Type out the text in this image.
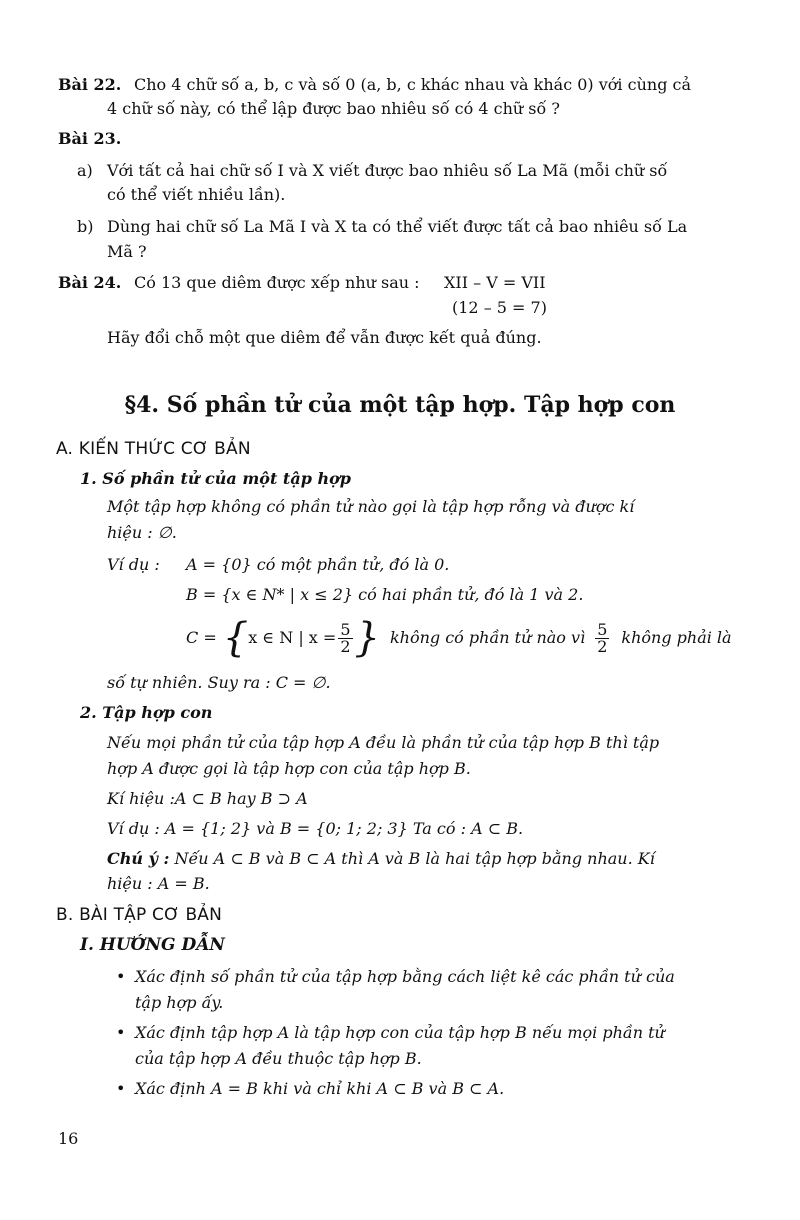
Bài 22. Cho 4 chữ số a, b, c và số 0 (a, b, c khác nhau và khác 0) với cùng cả
4 chữ số này, có thể lập được bao nhiêu số có 4 chữ số ?
Bài 23.
a) Với tất cả hai chữ số I và X viết được bao nhiêu số La Mã (mỗi chữ số
có thể viết nhiều lần).
b) Dùng hai chữ số La Mã I và X ta có thể viết được tất cả bao nhiêu số La
Mã ?
Bài 24. Có 13 que diêm được xếp như sau : XII – V = VII
(12 – 5 = 7)
Hãy đổi chỗ một que diêm để vẫn được kết quả đúng.
§4. Số phần tử của một tập hợp. Tập hợp con
A. KIẾN THỨC CƠ BẢN
1. Số phần tử của một tập hợp
Một tập hợp không có phần tử nào gọi là tập hợp rỗng và được kí
hiệu : ∅.
Ví dụ : A = {0} có một phần tử, đó là 0.
B = {x ∈ N* | x ≤ 2} có hai phần tử, đó là 1 và 2.
C = { x ∈ N | $x = \frac{5}{2}$ } không có phần tử nào vì $\frac{5}{2}$ không phải là
số tự nhiên. Suy ra : C = ∅.
2. Tập hợp con
Nếu mọi phần tử của tập hợp A đều là phần tử của tập hợp B thì tập
hợp A được gọi là tập hợp con của tập hợp B.
Kí hiệu :A ⊂ B hay B ⊃ A
Ví dụ : A = {1; 2} và B = {0; 1; 2; 3} Ta có : A ⊂ B.
Chú ý : Nếu A ⊂ B và B ⊂ A thì A và B là hai tập hợp bằng nhau. Kí
hiệu : A = B.
B. BÀI TẬP CƠ BẢN
I. HƯỚNG DẪN
• Xác định số phần tử của tập hợp bằng cách liệt kê các phần tử của
tập hợp ấy.
• Xác định tập hợp A là tập hợp con của tập hợp B nếu mọi phần tử
của tập hợp A đều thuộc tập hợp B.
• Xác định A = B khi và chỉ khi A ⊂ B và B ⊂ A.
16
